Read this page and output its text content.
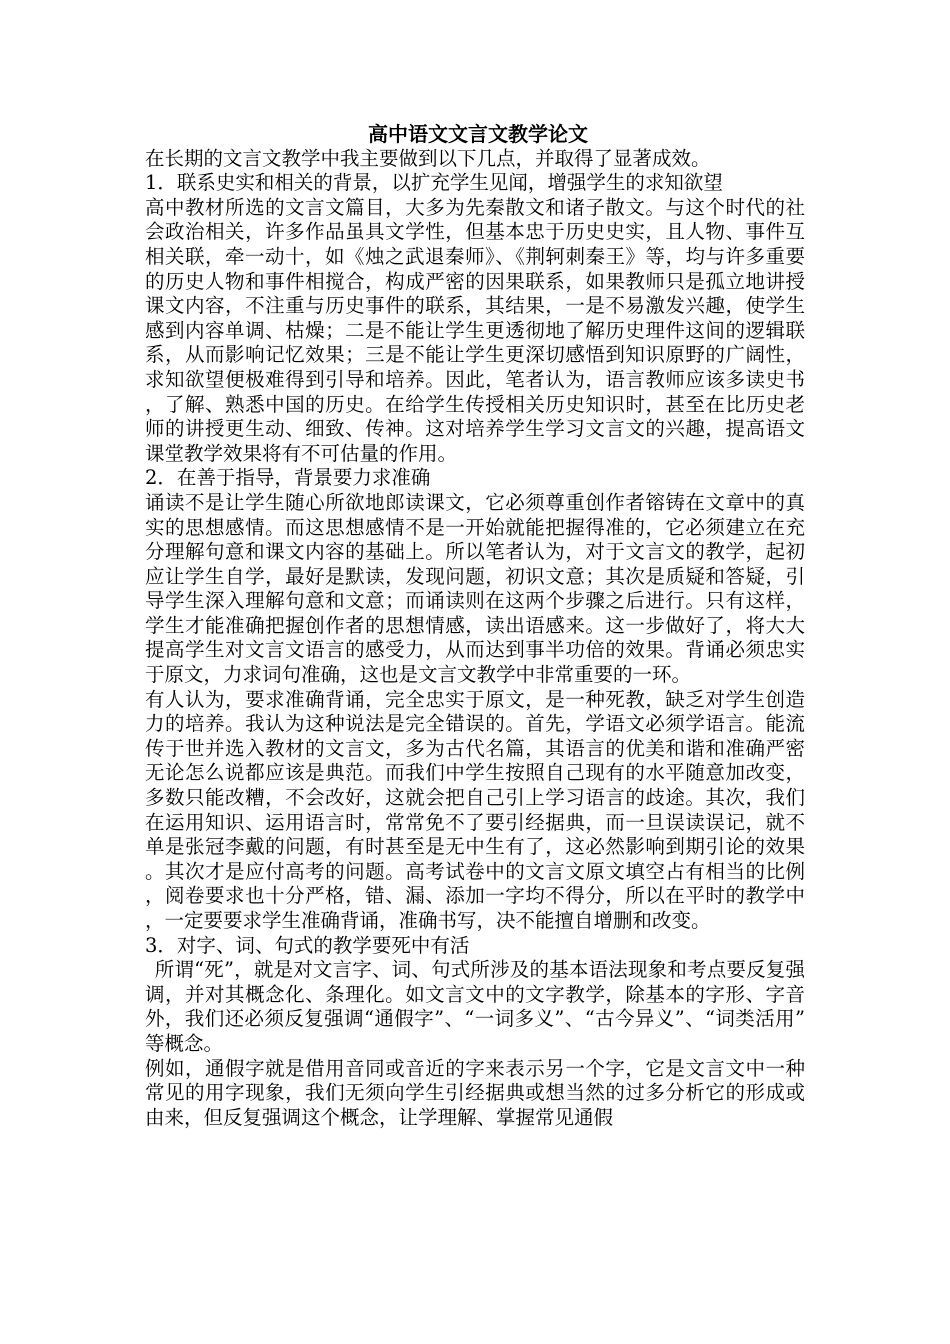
高中语文文言文教学论文

在长期的文言文教学中我主要做到以下几点，并取得了显著成效。

1．联系史实和相关的背景，以扩充学生见闻，增强学生的求知欲望

高中教材所选的文言文篇目，大多为先秦散文和诸子散文。与这个时代的社会政治相关，许多作品虽具文学性，但基本忠于历史史实，且人物、事件互相关联，牵一动十，如《烛之武退秦师》、《荆轲刺秦王》等，均与许多重要的历史人物和事件相搅合，构成严密的因果联系，如果教师只是孤立地讲授课文内容，不注重与历史事件的联系，其结果，一是不易激发兴趣，使学生感到内容单调、枯燥；二是不能让学生更透彻地了解历史理件这间的逻辑联系，从而影响记忆效果；三是不能让学生更深切感悟到知识原野的广阔性，求知欲望便极难得到引导和培养。因此，笔者认为，语言教师应该多读史书，了解、熟悉中国的历史。在给学生传授相关历史知识时，甚至在比历史老师的讲授更生动、细致、传神。这对培养学生学习文言文的兴趣，提高语文课堂教学效果将有不可估量的作用。

2．在善于指导，背景要力求准确

诵读不是让学生随心所欲地郎读课文，它必须尊重创作者镕铸在文章中的真实的思想感情。而这思想感情不是一开始就能把握得准的，它必须建立在充分理解句意和课文内容的基础上。所以笔者认为，对于文言文的教学，起初应让学生自学，最好是默读，发现问题，初识文意；其次是质疑和答疑，引导学生深入理解句意和文意；而诵读则在这两个步骤之后进行。只有这样，学生才能准确把握创作者的思想情感，读出语感来。这一步做好了，将大大提高学生对文言文语言的感受力，从而达到事半功倍的效果。背诵必须忠实于原文，力求词句准确，这也是文言文教学中非常重要的一环。

有人认为，要求准确背诵，完全忠实于原文，是一种死教，缺乏对学生创造力的培养。我认为这种说法是完全错误的。首先，学语文必须学语言。能流传于世并选入教材的文言文，多为古代名篇，其语言的优美和谐和准确严密无论怎么说都应该是典范。而我们中学生按照自己现有的水平随意加改变，多数只能改糟，不会改好，这就会把自己引上学习语言的歧途。其次，我们在运用知识、运用语言时，常常免不了要引经据典，而一旦误读误记，就不单是张冠李戴的问题，有时甚至是无中生有了，这必然影响到期引论的效果。其次才是应付高考的问题。高考试卷中的文言文原文填空占有相当的比例，阅卷要求也十分严格，错、漏、添加一字均不得分，所以在平时的教学中，一定要要求学生准确背诵，准确书写，决不能擅自增删和改变。

3．对字、词、句式的教学要死中有活

所谓“死”，就是对文言字、词、句式所涉及的基本语法现象和考点要反复强调，并对其概念化、条理化。如文言文中的文字教学，除基本的字形、字音外，我们还必须反复强调“通假字”、“一词多义”、“古今异义”、“词类活用”等概念。

例如，通假字就是借用音同或音近的字来表示另一个字，它是文言文中一种常见的用字现象，我们无须向学生引经据典或想当然的过多分析它的形成或由来，但反复强调这个概念，让学理解、掌握常见通假
